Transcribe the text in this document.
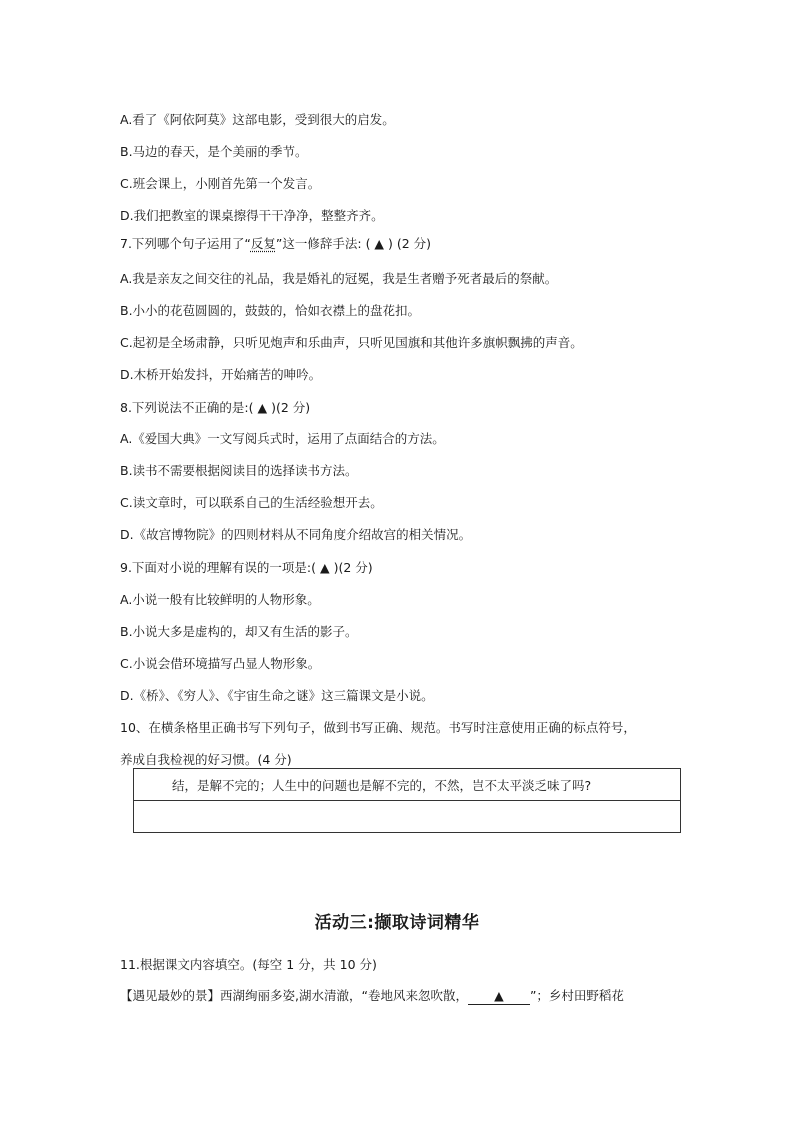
A.看了《阿依阿莫》这部电影，受到很大的启发。
B.马边的春天，是个美丽的季节。
C.班会课上，小刚首先第一个发言。
D.我们把教室的课桌擦得干干净净，整整齐齐。
7.下列哪个句子运用了“反复”这一修辞手法: ( ▲ ) (2 分)
A.我是亲友之间交往的礼品，我是婚礼的冠冕，我是生者赠予死者最后的祭献。
B.小小的花苞圆圆的，鼓鼓的，恰如衣襟上的盘花扣。
C.起初是全场肃静，只听见炮声和乐曲声，只听见国旗和其他许多旗帜飘拂的声音。
D.木桥开始发抖，开始痛苦的呻吟。
8.下列说法不正确的是:( ▲ )(2 分)
A.《爱国大典》一文写阅兵式时，运用了点面结合的方法。
B.读书不需要根据阅读目的选择读书方法。
C.读文章时，可以联系自己的生活经验想开去。
D.《故宫博物院》的四则材料从不同角度介绍故宫的相关情况。
9.下面对小说的理解有误的一项是:( ▲ )(2 分)
A.小说一般有比较鲜明的人物形象。
B.小说大多是虚构的，却又有生活的影子。
C.小说会借环境描写凸显人物形象。
D.《桥》、《穷人》、《宇宙生命之谜》这三篇课文是小说。
10、在横条格里正确书写下列句子，做到书写正确、规范。书写时注意使用正确的标点符号，
养成自我检视的好习惯。(4 分)
结，是解不完的；人生中的问题也是解不完的，不然，岂不太平淡乏味了吗?
活动三:撷取诗词精华
11.根据课文内容填空。(每空 1 分，共 10 分)
【遇见最妙的景】西湖绚丽多姿,湖水清澈，“卷地风来忽吹散， ▲ ”；乡村田野稻花
